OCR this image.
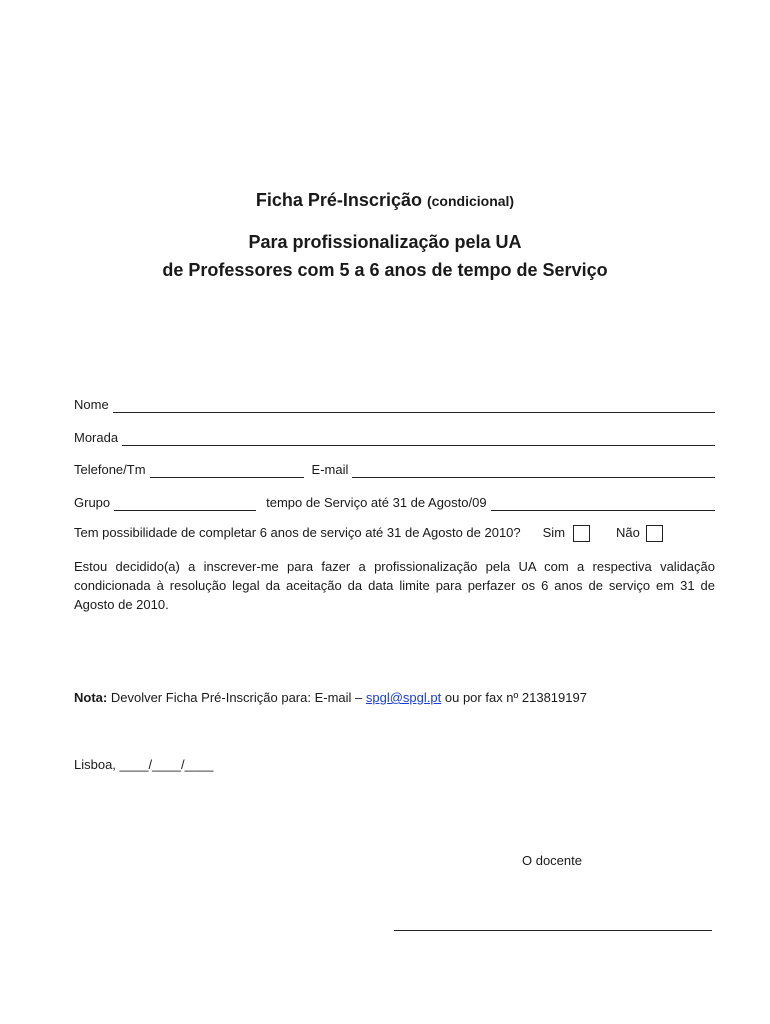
Ficha Pré-Inscrição (condicional)
Para profissionalização pela UA
de Professores com 5 a 6 anos de tempo de Serviço
Nome
Morada
Telefone/Tm	E-mail
Grupo	tempo de Serviço até 31 de Agosto/09
Tem possibilidade de completar 6 anos de serviço até 31 de Agosto de 2010? Sim	Não
Estou decidido(a) a inscrever-me para fazer a profissionalização pela UA com a respectiva validação condicionada à resolução legal da aceitação da data limite para perfazer os 6 anos de serviço em 31 de Agosto de 2010.
Nota: Devolver Ficha Pré-Inscrição para: E-mail – spgl@spgl.pt ou por fax nº 213819197
Lisboa, ____/____/____
O docente
